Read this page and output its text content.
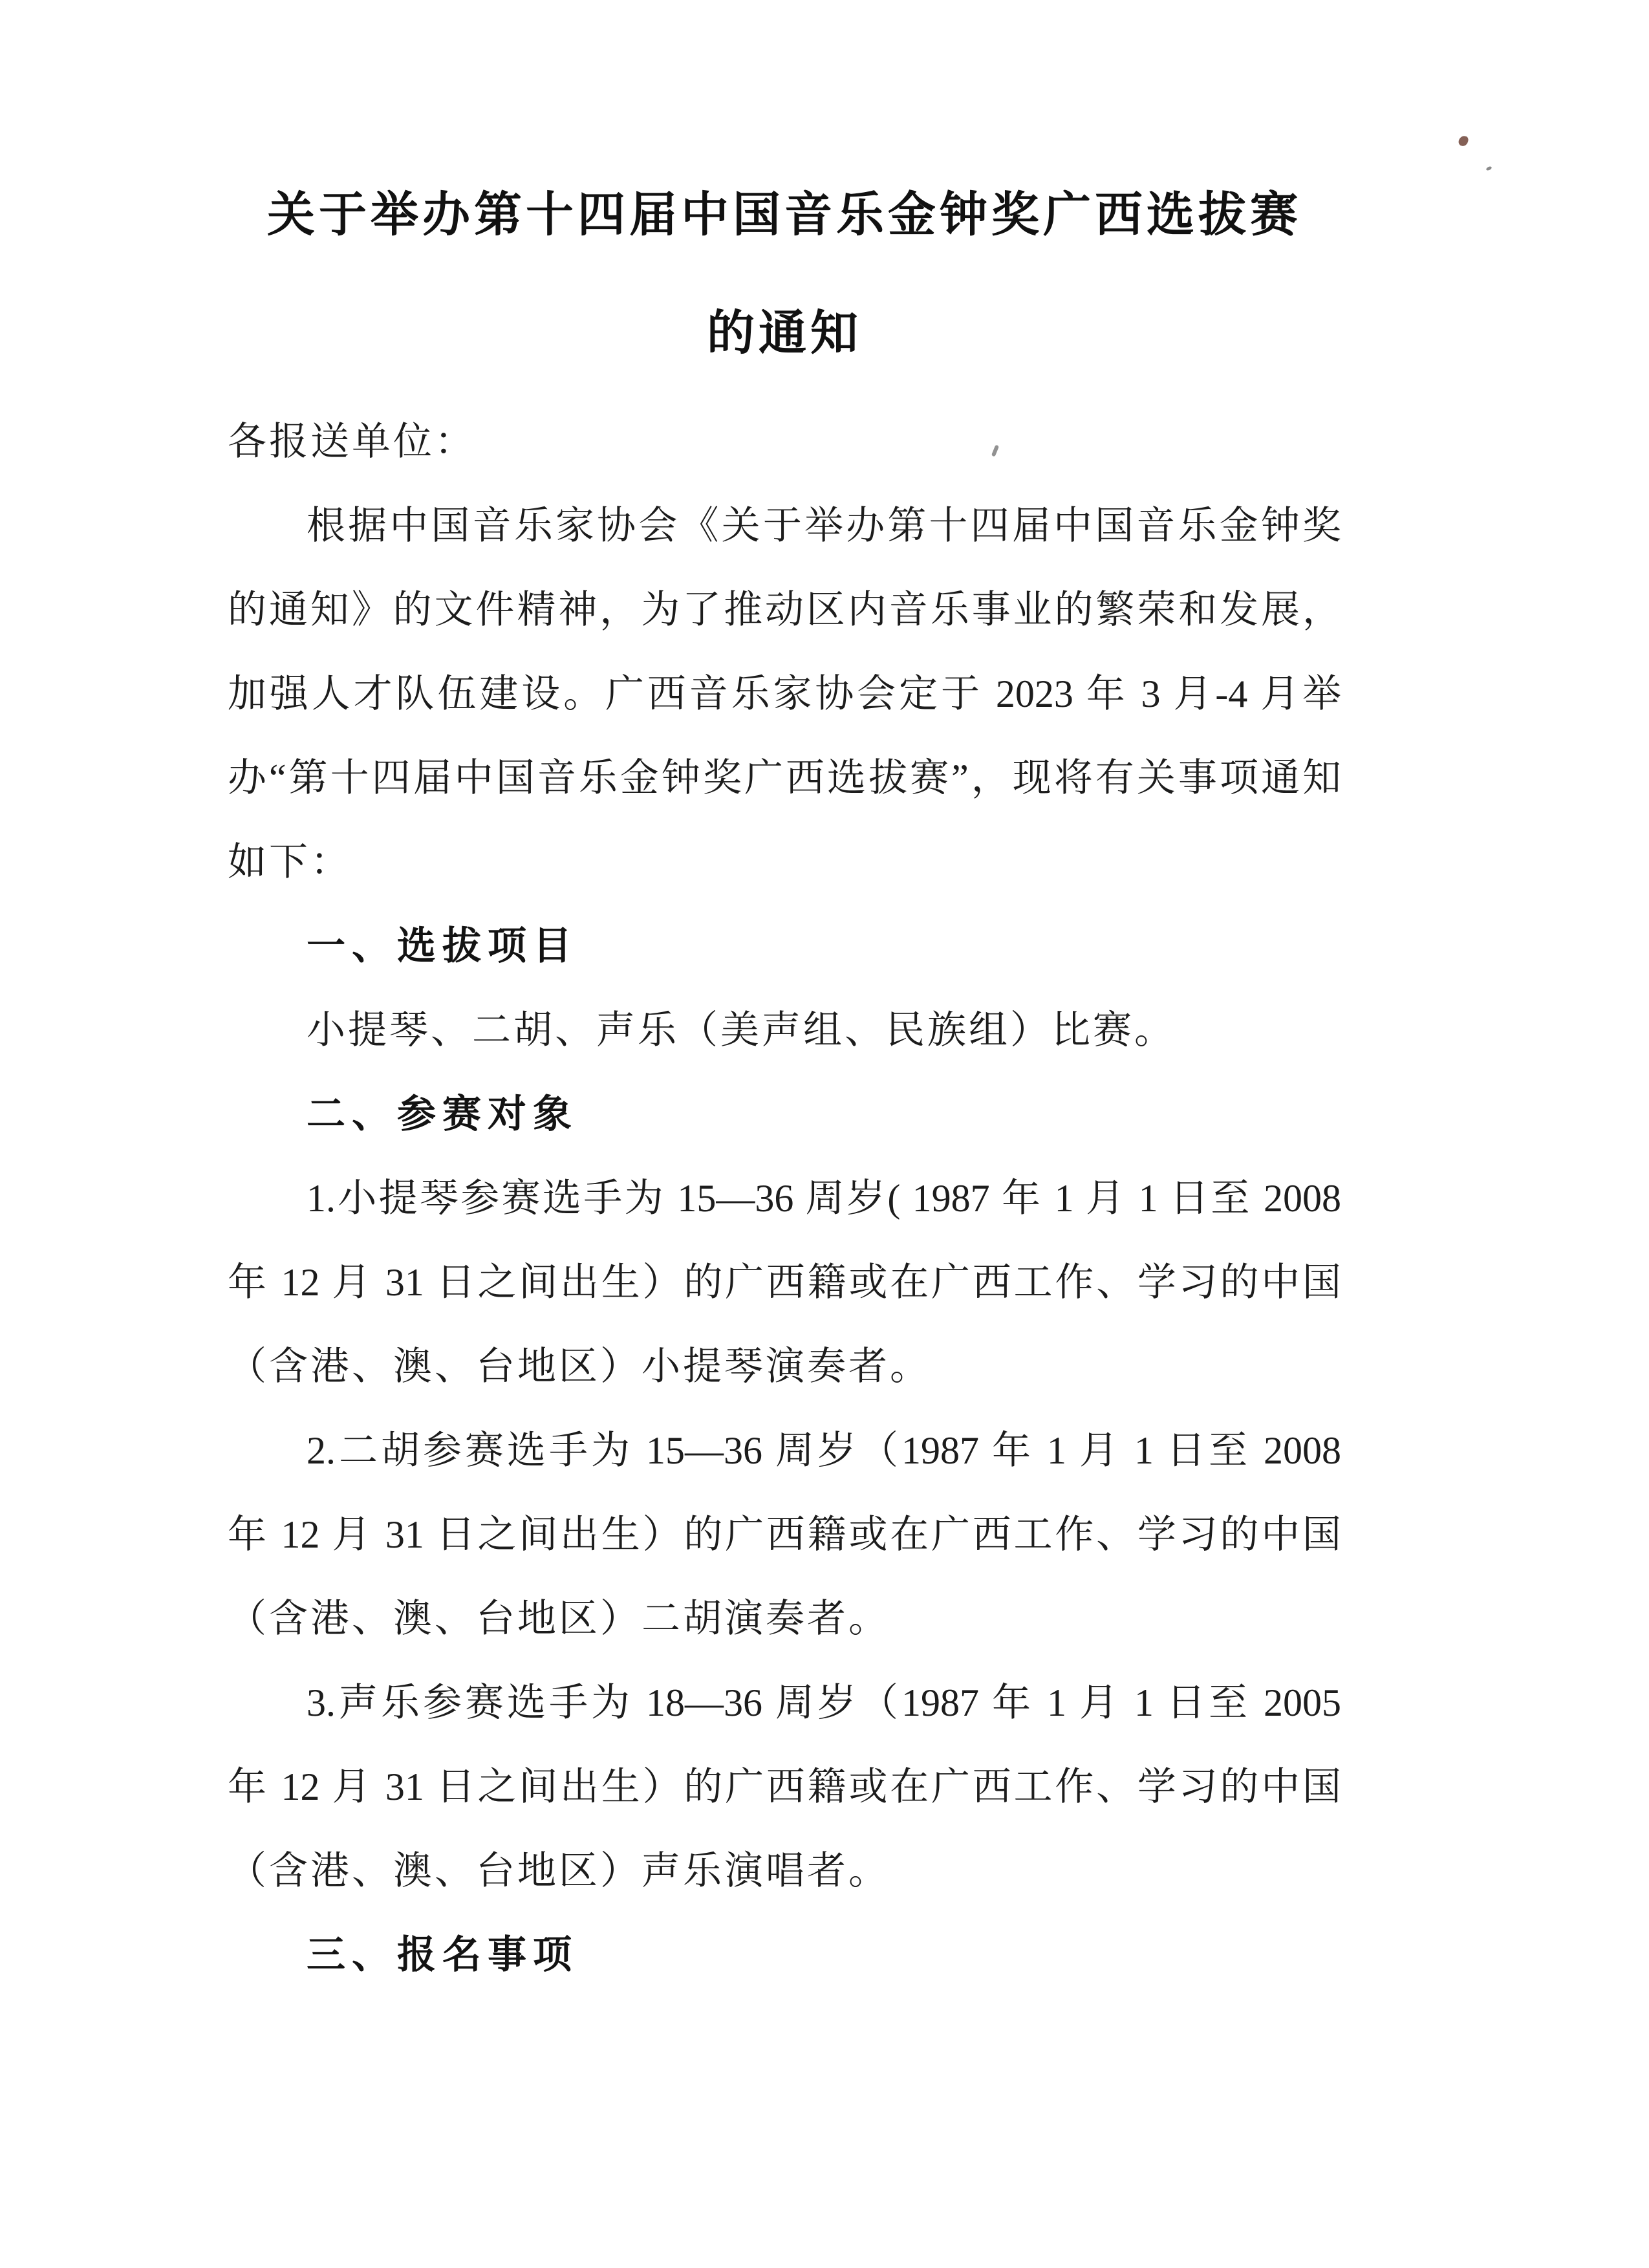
关于举办第十四届中国音乐金钟奖广西选拔赛
的通知
各报送单位：
根据中国音乐家协会《关于举办第十四届中国音乐金钟奖
的通知》的文件精神，为了推动区内音乐事业的繁荣和发展，
加强人才队伍建设。广西音乐家协会定于 2023 年 3 月-4 月举
办“第十四届中国音乐金钟奖广西选拔赛”，现将有关事项通知
如下：
一、选拔项目
小提琴、二胡、声乐（美声组、民族组）比赛。
二、参赛对象
1.小提琴参赛选手为 15—36 周岁( 1987 年 1 月 1 日至 2008
年 12 月 31 日之间出生）的广西籍或在广西工作、学习的中国
（含港、澳、台地区）小提琴演奏者。
2.二胡参赛选手为 15—36 周岁（1987 年 1 月 1 日至 2008
年 12 月 31 日之间出生）的广西籍或在广西工作、学习的中国
（含港、澳、台地区）二胡演奏者。
3.声乐参赛选手为 18—36 周岁（1987 年 1 月 1 日至 2005
年 12 月 31 日之间出生）的广西籍或在广西工作、学习的中国
（含港、澳、台地区）声乐演唱者。
三、报名事项
